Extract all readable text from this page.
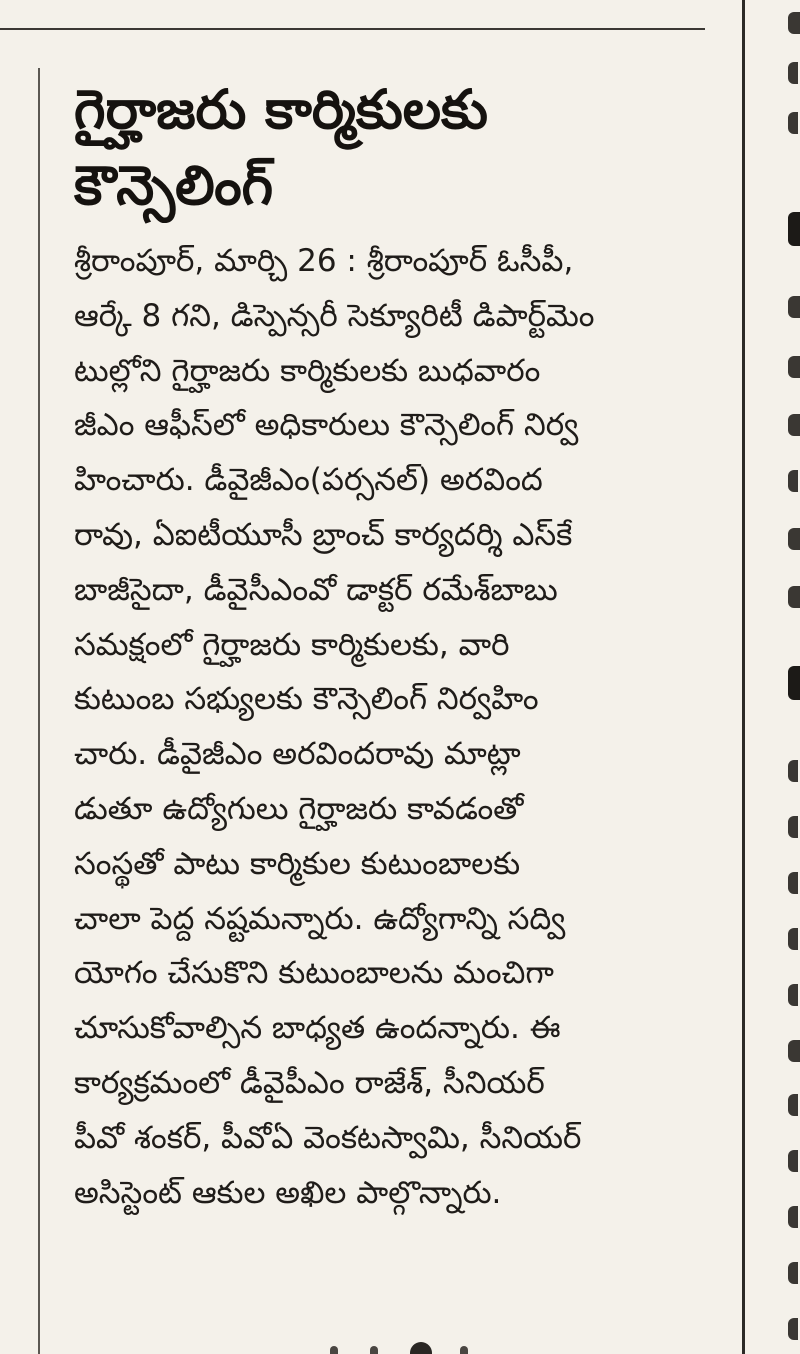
గైర్హాజరు కార్మికులకు
కౌన్సెలింగ్
శ్రీరాంపూర్, మార్చి 26 : శ్రీరాంపూర్ ఓసీపీ,
ఆర్కే 8 గని, డిస్పెన్సరీ సెక్యూరిటీ డిపార్ట్‌మెం
టుల్లోని గైర్హాజరు కార్మికులకు బుధవారం
జీఎం ఆఫీస్‌లో అధికారులు కౌన్సెలింగ్ నిర్వ
హించారు. డీవైజీఎం(పర్సనల్) అరవింద
రావు, ఏఐటీయూసీ బ్రాంచ్ కార్యదర్శి ఎస్‌కే
బాజీసైదా, డీవైసీఎంవో డాక్టర్ రమేశ్‌బాబు
సమక్షంలో గైర్హాజరు కార్మికులకు, వారి
కుటుంబ సభ్యులకు కౌన్సెలింగ్ నిర్వహిం
చారు. డీవైజీఎం అరవిందరావు మాట్లా
డుతూ ఉద్యోగులు గైర్హాజరు కావడంతో
సంస్థతో పాటు కార్మికుల కుటుంబాలకు
చాలా పెద్ద నష్టమన్నారు. ఉద్యోగాన్ని సద్వి
యోగం చేసుకొని కుటుంబాలను మంచిగా
చూసుకోవాల్సిన బాధ్యత ఉందన్నారు. ఈ
కార్యక్రమంలో డీవైపీఎం రాజేశ్, సీనియర్
పీవో శంకర్, పీవోఏ వెంకటస్వామి, సీనియర్
అసిస్టెంట్ ఆకుల అఖిల పాల్గొన్నారు.
